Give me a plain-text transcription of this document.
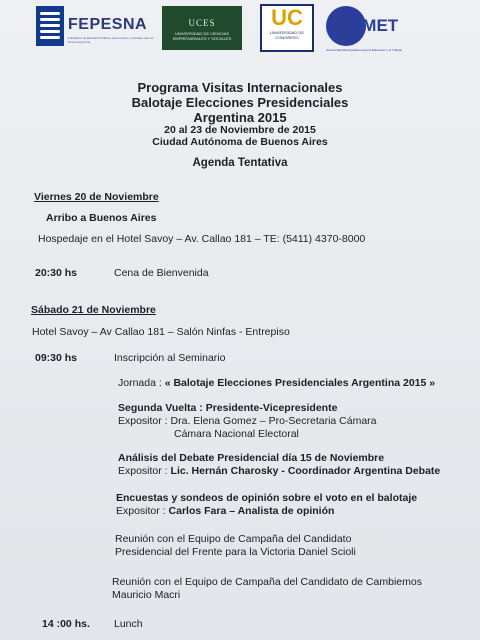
FEPESNA
Fundación de Estudios Políticos, Económicos y Sociales para la Nueva Argentina
UCES
UNIVERSIDAD DE CIENCIAS EMPRESARIALES Y SOCIALES
UC
UNIVERSIDAD DE CONGRESO
UMET
Universidad Metropolitana para la Educación y el Trabajo
Programa Visitas Internacionales
Balotaje Elecciones Presidenciales
Argentina 2015
20 al 23 de Noviembre de 2015
Ciudad Autónoma de Buenos Aires
Agenda Tentativa
Viernes 20 de Noviembre
Arribo a Buenos Aires
Hospedaje en el Hotel Savoy – Av. Callao 181 – TE: (5411) 4370-8000
20:30 hs	Cena de Bienvenida
Sábado 21 de Noviembre
Hotel Savoy – Av Callao 181 – Salón Ninfas - Entrepiso
09:30 hs	Inscripción al Seminario
Jornada : « Balotaje Elecciones Presidenciales Argentina 2015 »
Segunda Vuelta : Presidente-Vicepresidente
Expositor : Dra. Elena Gomez – Pro-Secretaria Cámara
Cámara Nacional Electoral
Análisis del Debate Presidencial día 15 de Noviembre
Expositor : Lic. Hernán Charosky - Coordinador Argentina Debate
Encuestas y sondeos de opinión sobre el voto en el balotaje
Expositor : Carlos Fara – Analista de opinión
Reunión con el Equipo de Campaña del Candidato
Presidencial del Frente para la Victoria Daniel Scioli
Reunión con el Equipo de Campaña del Candidato de Cambiemos
Mauricio Macri
14 :00 hs. Lunch
